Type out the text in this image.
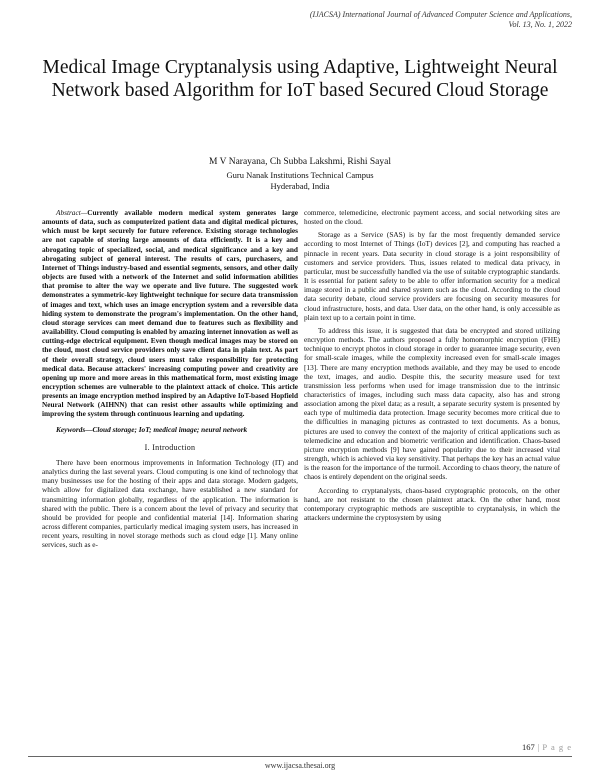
(IJACSA) International Journal of Advanced Computer Science and Applications,
Vol. 13, No. 1, 2022
Medical Image Cryptanalysis using Adaptive, Lightweight Neural Network based Algorithm for IoT based Secured Cloud Storage
M V Narayana, Ch Subba Lakshmi, Rishi Sayal
Guru Nanak Institutions Technical Campus
Hyderabad, India

Abstract—Currently available modern medical system generates large amounts of data, such as computerized patient data and digital medical pictures, which must be kept securely for future reference. Existing storage technologies are not capable of storing large amounts of data efficiently. It is a key and abrogating topic of specialized, social, and medical significance and a key and abrogating subject of general interest. The results of cars, purchasers, and Internet of Things industry-based and essential segments, sensors, and other daily objects are fused with a network of the Internet and solid information abilities that promise to alter the way we operate and live future. The suggested work demonstrates a symmetric-key lightweight technique for secure data transmission of images and text, which uses an image encryption system and a reversible data hiding system to demonstrate the program's implementation. On the other hand, cloud storage services can meet demand due to features such as flexibility and availability. Cloud computing is enabled by amazing internet innovation as well as cutting-edge electrical equipment. Even though medical images may be stored on the cloud, most cloud service providers only save client data in plain text. As part of their overall strategy, cloud users must take responsibility for protecting medical data. Because attackers' increasing computing power and creativity are opening up more and more areas in this mathematical form, most existing image encryption schemes are vulnerable to the plaintext attack of choice. This article presents an image encryption method inspired by an Adaptive IoT-based Hopfield Neural Network (AIHNN) that can resist other assaults while optimizing and improving the system through continuous learning and updating.

Keywords—Cloud storage; IoT; medical image; neural network

I. Introduction

There have been enormous improvements in Information Technology (IT) and analytics during the last several years. Cloud computing is one kind of technology that many businesses use for the hosting of their apps and data storage. Modern gadgets, which allow for digitalized data exchange, have established a new standard for transmitting information globally, regardless of the application. The information is shared with the public. There is a concern about the level of privacy and security that should be provided for people and confidential material [14]. Information sharing across different companies, particularly medical imaging system users, has increased in recent years, resulting in novel storage methods such as cloud edge [1]. Many online services, such as e-

commerce, telemedicine, electronic payment access, and social networking sites are hosted on the cloud.

Storage as a Service (SAS) is by far the most frequently demanded service according to most Internet of Things (IoT) devices [2], and computing has reached a pinnacle in recent years. Data security in cloud storage is a joint responsibility of customers and service providers. Thus, issues related to medical data privacy, in particular, must be successfully handled via the use of suitable cryptographic standards. It is essential for patient safety to be able to offer information security for a medical image stored in a public and shared system such as the cloud. According to the cloud data security debate, cloud service providers are focusing on security measures for cloud infrastructure, hosts, and data. User data, on the other hand, is only accessible as plain text up to a certain point in time.

To address this issue, it is suggested that data be encrypted and stored utilizing encryption methods. The authors proposed a fully homomorphic encryption (FHE) technique to encrypt photos in cloud storage in order to guarantee image security, even for small-scale images, while the complexity increased even for small-scale images [13]. There are many encryption methods available, and they may be used to encode the text, images, and audio. Despite this, the security measure used for text transmission less performs when used for image transmission due to the intrinsic characteristics of images, including such mass data capacity, also has and strong association among the pixel data; as a result, a separate security system is presented by each type of multimedia data protection. Image security becomes more critical due to the difficulties in managing pictures as contrasted to text documents. As a bonus, pictures are used to convey the context of the majority of critical applications such as telemedicine and education and biometric verification and identification. Chaos-based picture encryption methods [9] have gained popularity due to their increased vital strength, which is achieved via key sensitivity. That perhaps the key has an actual value is the reason for the importance of the turmoil. According to chaos theory, the nature of chaos is entirely dependent on the original seeds.

According to cryptanalysts, chaos-based cryptographic protocols, on the other hand, are not resistant to the chosen plaintext attack. On the other hand, most contemporary cryptographic methods are susceptible to cryptanalysis, in which the attackers undermine the cryptosystem by using

167 | P a g e
www.ijacsa.thesai.org
